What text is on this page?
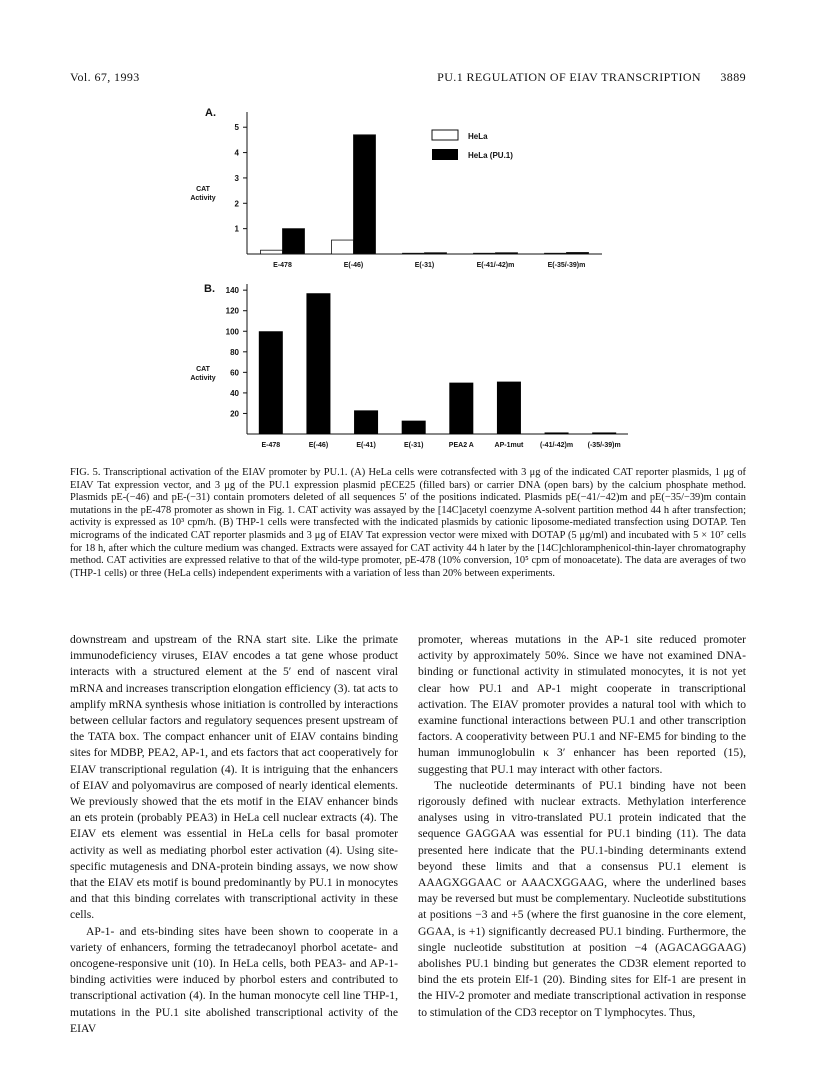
Vol. 67, 1993	PU.1 REGULATION OF EIAV TRANSCRIPTION 3889
A.
CAT
Activity
1
2
3
4
5
E-478	E(-46)	E(-31)	E(-41/-42)m	E(-35/-39)m
HeLa
HeLa (PU.1)
B.
CAT
Activity
20
40
60
80
100
120
140
E-478	E(-46)	E(-41)	E(-31)	PEA2 A	AP-1mut (-41/-42)m (-35/-39)m
FIG. 5. Transcriptional activation of the EIAV promoter by PU.1. (A) HeLa cells were cotransfected with 3 μg of the indicated CAT reporter plasmids, 1 μg of EIAV Tat expression vector, and 3 μg of the PU.1 expression plasmid pECE25 (filled bars) or carrier DNA (open bars) by the calcium phosphate method. Plasmids pE-(−46) and pE-(−31) contain promoters deleted of all sequences 5′ of the positions indicated. Plasmids pE(−41/−42)m and pE(−35/−39)m contain mutations in the pE-478 promoter as shown in Fig. 1. CAT activity was assayed by the [14C]acetyl coenzyme A-solvent partition method 44 h after transfection; activity is expressed as 10³ cpm/h. (B) THP-1 cells were transfected with the indicated plasmids by cationic liposome-mediated transfection using DOTAP. Ten micrograms of the indicated CAT reporter plasmids and 3 μg of EIAV Tat expression vector were mixed with DOTAP (5 μg/ml) and incubated with 5 × 10⁷ cells for 18 h, after which the culture medium was changed. Extracts were assayed for CAT activity 44 h later by the [14C]chloramphenicol-thin-layer chromatography method. CAT activities are expressed relative to that of the wild-type promoter, pE-478 (10% conversion, 10⁵ cpm of monoacetate). The data are averages of two (THP-1 cells) or three (HeLa cells) independent experiments with a variation of less than 20% between experiments.

downstream and upstream of the RNA start site. Like the primate immunodeficiency viruses, EIAV encodes a tat gene whose product interacts with a structured element at the 5′ end of nascent viral mRNA and increases transcription elongation efficiency (3). tat acts to amplify mRNA synthesis whose initiation is controlled by interactions between cellular factors and regulatory sequences present upstream of the TATA box. The compact enhancer unit of EIAV contains binding sites for MDBP, PEA2, AP-1, and ets factors that act cooperatively for EIAV transcriptional regulation (4). It is intriguing that the enhancers of EIAV and polyomavirus are composed of nearly identical elements. We previously showed that the ets motif in the EIAV enhancer binds an ets protein (probably PEA3) in HeLa cell nuclear extracts (4). The EIAV ets element was essential in HeLa cells for basal promoter activity as well as mediating phorbol ester activation (4). Using site-specific mutagenesis and DNA-protein binding assays, we now show that the EIAV ets motif is bound predominantly by PU.1 in monocytes and that this binding correlates with transcriptional activity in these cells.

AP-1- and ets-binding sites have been shown to cooperate in a variety of enhancers, forming the tetradecanoyl phorbol acetate- and oncogene-responsive unit (10). In HeLa cells, both PEA3- and AP-1-binding activities were induced by phorbol esters and contributed to transcriptional activation (4). In the human monocyte cell line THP-1, mutations in the PU.1 site abolished transcriptional activity of the EIAV

promoter, whereas mutations in the AP-1 site reduced promoter activity by approximately 50%. Since we have not examined DNA-binding or functional activity in stimulated monocytes, it is not yet clear how PU.1 and AP-1 might cooperate in transcriptional activation. The EIAV promoter provides a natural tool with which to examine functional interactions between PU.1 and other transcription factors. A cooperativity between PU.1 and NF-EM5 for binding to the human immunoglobulin κ 3′ enhancer has been reported (15), suggesting that PU.1 may interact with other factors.

The nucleotide determinants of PU.1 binding have not been rigorously defined with nuclear extracts. Methylation interference analyses using in vitro-translated PU.1 protein indicated that the sequence GAGGAA was essential for PU.1 binding (11). The data presented here indicate that the PU.1-binding determinants extend beyond these limits and that a consensus PU.1 element is AAAGXGGAAC or AAACXGGAAG, where the underlined bases may be reversed but must be complementary. Nucleotide substitutions at positions −3 and +5 (where the first guanosine in the core element, GGAA, is +1) significantly decreased PU.1 binding. Furthermore, the single nucleotide substitution at position −4 (AGACAGGAAG) abolishes PU.1 binding but generates the CD3R element reported to bind the ets protein Elf-1 (20). Binding sites for Elf-1 are present in the HIV-2 promoter and mediate transcriptional activation in response to stimulation of the CD3 receptor on T lymphocytes. Thus,
